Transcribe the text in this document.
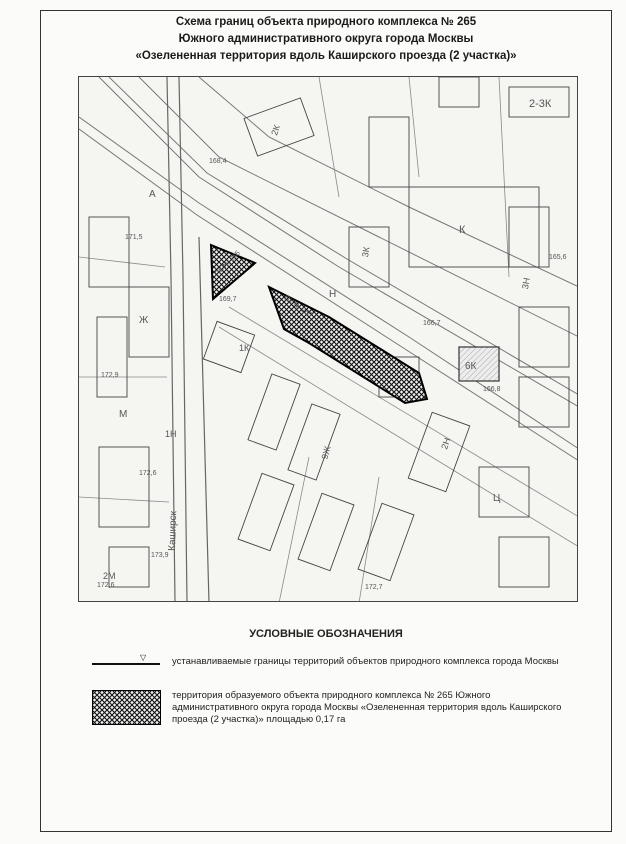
Схема границ объекта природного комплекса № 265
Южного административного округа города Москвы
«Озелененная территория вдоль Каширского проезда (2 участка)»
ПК № 265
ПК № 265
Каширск
168,4
171,5
172,9
169,7
166,7
166,8
172,6
172,7
173,9
172,6
165,6
2К
А
К
3К
2Н
М
6К
Ж
2М
3Н
Н
Ц
1Н
2-3К
1К
9Ж
УСЛОВНЫЕ ОБОЗНАЧЕНИЯ
▽	устанавливаемые границы территорий объектов природного комплекса города Москвы
территория образуемого объекта природного комплекса № 265 Южного административного округа города Москвы «Озелененная территория вдоль Каширского проезда (2 участка)» площадью 0,17 га
